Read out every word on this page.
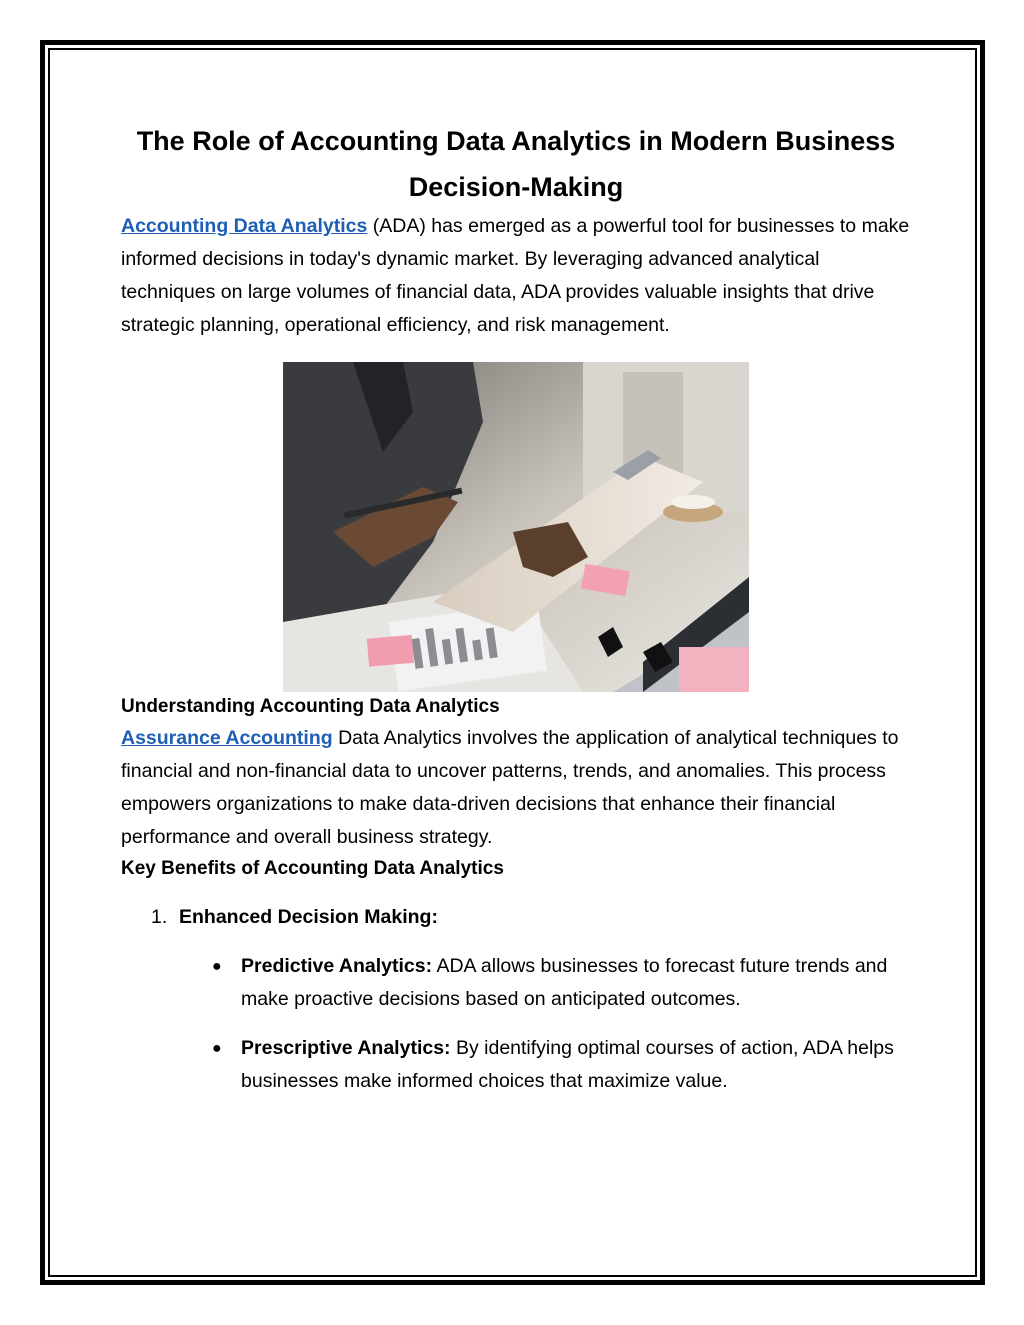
The Role of Accounting Data Analytics in Modern Business Decision-Making

Accounting Data Analytics (ADA) has emerged as a powerful tool for businesses to make informed decisions in today's dynamic market. By leveraging advanced analytical techniques on large volumes of financial data, ADA provides valuable insights that drive strategic planning, operational efficiency, and risk management.

Understanding Accounting Data Analytics

Assurance Accounting Data Analytics involves the application of analytical techniques to financial and non-financial data to uncover patterns, trends, and anomalies. This process empowers organizations to make data-driven decisions that enhance their financial performance and overall business strategy.

Key Benefits of Accounting Data Analytics
1. Enhanced Decision Making:
● Predictive Analytics: ADA allows businesses to forecast future trends and make proactive decisions based on anticipated outcomes.
● Prescriptive Analytics: By identifying optimal courses of action, ADA helps businesses make informed choices that maximize value.
